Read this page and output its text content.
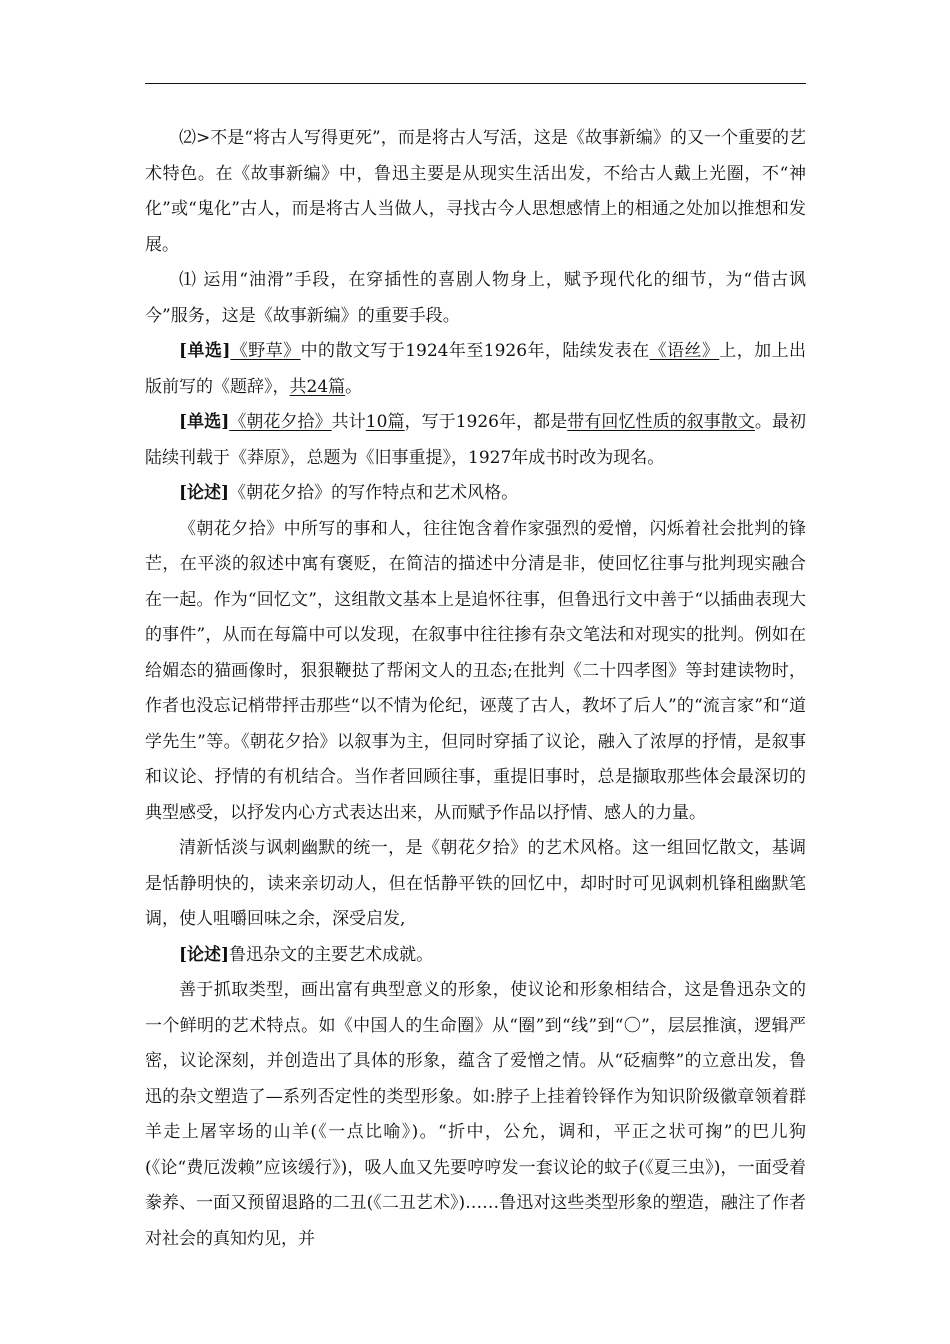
⑵>不是“将古人写得更死”，而是将古人写活，这是《故事新编》的又一个重要的艺术特色。在《故事新编》中，鲁迅主要是从现实生活出发，不给古人戴上光圈，不“神化”或“鬼化”古人，而是将古人当做人，寻找古今人思想感情上的相通之处加以推想和发展。

⑴ 运用“油滑”手段，在穿插性的喜剧人物身上，赋予现代化的细节，为“借古讽今”服务，这是《故事新编》的重要手段。

[单选]《野草》中的散文写于1924年至1926年，陆续发表在《语丝》上，加上出版前写的《题辞》，共24篇。

[单选]《朝花夕拾》共计10篇，写于1926年，都是带有回忆性质的叙事散文。最初陆续刊载于《莽原》，总题为《旧事重提》，1927年成书时改为现名。

[论述]《朝花夕拾》的写作特点和艺术风格。

《朝花夕拾》中所写的事和人，往往饱含着作家强烈的爱憎，闪烁着社会批判的锋芒，在平淡的叙述中寓有褒贬，在简洁的描述中分清是非，使回忆往事与批判现实融合在一起。作为“回忆文”，这组散文基本上是追怀往事，但鲁迅行文中善于“以插曲表现大的事件”，从而在每篇中可以发现，在叙事中往往掺有杂文笔法和对现实的批判。例如在给媚态的猫画像时，狠狠鞭挞了帮闲文人的丑态;在批判《二十四孝图》等封建读物时，作者也没忘记梢带抨击那些“以不情为伦纪，诬蔑了古人，教坏了后人”的“流言家”和“道学先生”等。《朝花夕拾》以叙事为主，但同时穿插了议论，融入了浓厚的抒情，是叙事和议论、抒情的有机结合。当作者回顾往事，重提旧事时，总是撷取那些体会最深切的典型感受，以抒发内心方式表达出来，从而赋予作品以抒情、感人的力量。

清新恬淡与讽刺幽默的统一，是《朝花夕拾》的艺术风格。这一组回忆散文，基调是恬静明快的，读来亲切动人，但在恬静平铁的回忆中，却时时可见讽刺机锋租幽默笔调，使人咀嚼回味之余，深受启发,

[论述]鲁迅杂文的主要艺术成就。

善于抓取类型，画出富有典型意义的形象，使议论和形象相结合，这是鲁迅杂文的一个鲜明的艺术特点。如《中国人的生命圈》从“圈”到“线”到“〇”，层层推演，逻辑严密，议论深刻，并创造出了具体的形象，蕴含了爱憎之情。从“砭痼弊”的立意出发，鲁迅的杂文塑造了—系列否定性的类型形象。如:脖子上挂着铃铎作为知识阶级徽章领着群羊走上屠宰场的山羊(《一点比喻》)。“折中，公允，调和，平正之状可掬”的巴儿狗(《论“费厄泼赖”应该缓行》)，吸人血又先要哼哼发一套议论的蚊子(《夏三虫》)，一面受着豢养、一面又预留退路的二丑(《二丑艺术》)……鲁迅对这些类型形象的塑造，融注了作者对社会的真知灼见，并
